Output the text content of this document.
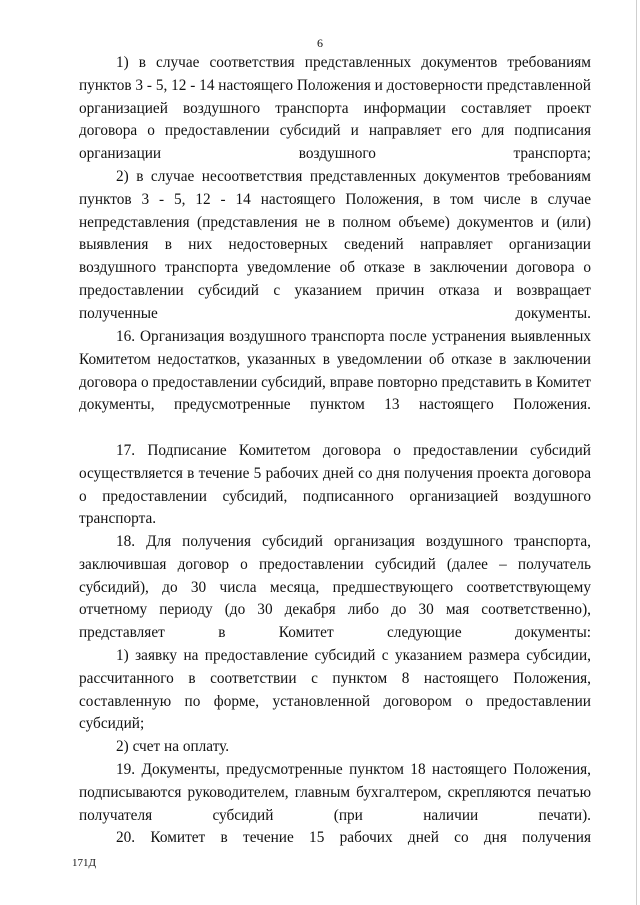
6

1) в случае соответствия представленных документов требованиям пунктов 3 - 5, 12 - 14 настоящего Положения и достоверности представленной организацией воздушного транспорта информации составляет проект договора о предоставлении субсидий и направляет его для подписания организации воздушного транспорта;

2) в случае несоответствия представленных документов требованиям пунктов 3 - 5, 12 - 14 настоящего Положения, в том числе в случае непредставления (представления не в полном объеме) документов и (или) выявления в них недостоверных сведений направляет организации воздушного транспорта уведомление об отказе в заключении договора о предоставлении субсидий с указанием причин отказа и возвращает полученные документы.

16. Организация воздушного транспорта после устранения выявленных Комитетом недостатков, указанных в уведомлении об отказе в заключении договора о предоставлении субсидий, вправе повторно представить в Комитет документы, предусмотренные пунктом 13 настоящего Положения.

17. Подписание Комитетом договора о предоставлении субсидий осуществляется в течение 5 рабочих дней со дня получения проекта договора о предоставлении субсидий, подписанного организацией воздушного транспорта.

18. Для получения субсидий организация воздушного транспорта, заключившая договор о предоставлении субсидий (далее – получатель субсидий), до 30 числа месяца, предшествующего соответствующему отчетному периоду (до 30 декабря либо до 30 мая соответственно), представляет в Комитет следующие документы:

1) заявку на предоставление субсидий с указанием размера субсидии, рассчитанного в соответствии с пунктом 8 настоящего Положения, составленную по форме, установленной договором о предоставлении субсидий;

2) счет на оплату.

19. Документы, предусмотренные пунктом 18 настоящего Положения, подписываются руководителем, главным бухгалтером, скрепляются печатью получателя субсидий (при наличии печати).

20. Комитет в течение 15 рабочих дней со дня получения

171Д
